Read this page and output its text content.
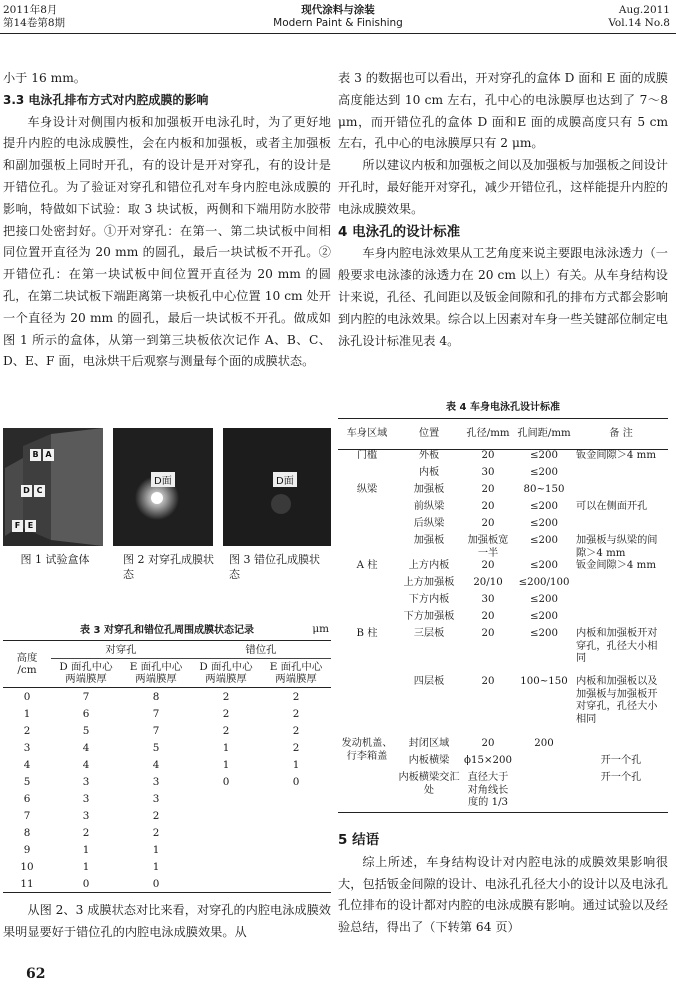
2011年8月
第14卷第8期
现代涂料与涂装
Modern Paint & Finishing
Aug.2011
Vol.14 No.8

小于 16 mm。

3.3 电泳孔排布方式对内腔成膜的影响

车身设计对侧围内板和加强板开电泳孔时，为了更好地提升内腔的电泳成膜性，会在内板和加强板，或者主加强板和副加强板上同时开孔，有的设计是开对穿孔，有的设计是开错位孔。为了验证对穿孔和错位孔对车身内腔电泳成膜的影响，特做如下试验：取 3 块试板，两侧和下端用防水胶带把接口处密封好。①开对穿孔：在第一、第二块试板中间相同位置开直径为 20 mm 的圆孔，最后一块试板不开孔。②开错位孔：在第一块试板中间位置开直径为 20 mm 的圆孔，在第二块试板下端距离第一块板孔中心位置 10 cm 处开一个直径为 20 mm 的圆孔，最后一块试板不开孔。做成如图 1 所示的盒体，从第一到第三块板依次记作 A、B、C、D、E、F 面，电泳烘干后观察与测量每个面的成膜状态。

B A
D C
F E
D面	D面
图 1 试验盒体	图 2 对穿孔成膜状态
图 3 错位孔成膜状态
表 3 对穿孔和错位孔周围成膜状态记录 μm				

高度
/cm	对穿孔		错位孔	

	D 面孔中心两端膜厚	E 面孔中心两端膜厚	D 面孔中心两端膜厚	E 面孔中心两端膜厚

0	7	8	2	2
1	6	7	2	2
2	5	7	2	2
3	4	5	1	2
4	4	4	1	1
5	3	3	0	0
6	3	3		
7	3	2		
8	2	2		
9	1	1		
10	1	1		
11	0	0		

从图 2、3 成膜状态对比来看，对穿孔的内腔电泳成膜效果明显要好于错位孔的内腔电泳成膜效果。从

表 3 的数据也可以看出，开对穿孔的盒体 D 面和 E 面的成膜高度能达到 10 cm 左右，孔中心的电泳膜厚也达到了 7～8 μm，而开错位孔的盒体 D 面和E 面的成膜高度只有 5 cm 左右，孔中心的电泳膜厚只有 2 μm。

所以建议内板和加强板之间以及加强板与加强板之间设计开孔时，最好能开对穿孔，减少开错位孔，这样能提升内腔的电泳成膜效果。

4 电泳孔的设计标准

车身内腔电泳效果从工艺角度来说主要跟电泳泳透力（一般要求电泳漆的泳透力在 20 cm 以上）有关。从车身结构设计来说，孔径、孔间距以及钣金间隙和孔的排布方式都会影响到内腔的电泳效果。综合以上因素对车身一些关键部位制定电泳孔设计标准见表 4。

表 4 车身电泳孔设计标准				
车身区域	位置	孔径/mm	孔间距/mm	备 注
门槛	外板	20	≤200	钣金间隙＞4 mm
	内板	30	≤200	
纵梁	加强板	20	80~150	
	前纵梁	20	≤200	可以在侧面开孔
	后纵梁	20	≤200	
	加强板	加强板宽一半	≤200	加强板与纵梁的间隙＞4 mm
A 柱	上方内板	20	≤200	钣金间隙＞4 mm
	上方加强板	20/10	≤200/100	
	下方内板	30	≤200	
	下方加强板	20	≤200	
B 柱	三层板	20	≤200	内板和加强板开对穿孔，孔径大小相同
	四层板	20	100~150	内板和加强板以及加强板与加强板开对穿孔，孔径大小相同
发动机盖、行李箱盖	封闭区域	20	200	
	内板横梁	ϕ15×200		开一个孔
	内板横梁交汇处	直径大于对角线长度的 1/3		开一个孔

5 结语

综上所述，车身结构设计对内腔电泳的成膜效果影响很大，包括钣金间隙的设计、电泳孔孔径大小的设计以及电泳孔孔位排布的设计都对内腔的电泳成膜有影响。通过试验以及经验总结，得出了（下转第 64 页）

62
